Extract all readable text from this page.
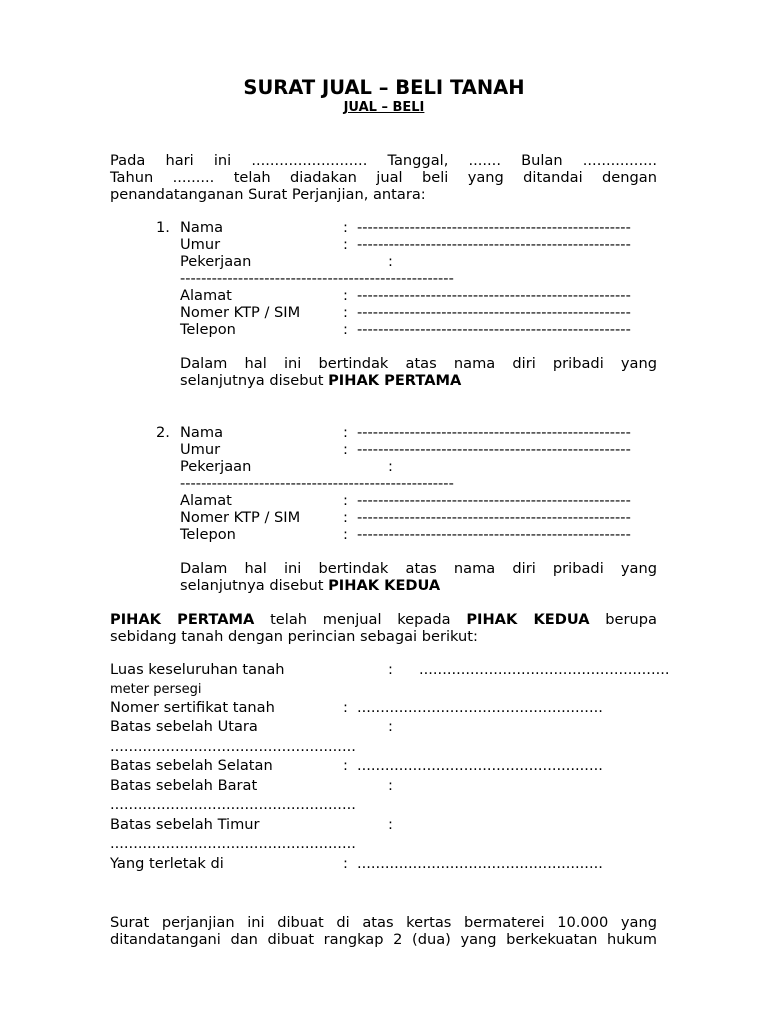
SURAT JUAL – BELI TANAH
JUAL – BELI
Pada hari ini ......................... Tanggal, ....... Bulan ................
Tahun ......... telah diadakan jual beli yang ditandai dengan
penandatanganan Surat Perjanjian, antara:
1. Nama	: ----------------------------------------------------
Umur	: ----------------------------------------------------
Pekerjaan	:
----------------------------------------------------
Alamat	: ----------------------------------------------------
Nomer KTP / SIM	: ----------------------------------------------------
Telepon	: ----------------------------------------------------
Dalam hal ini bertindak atas nama diri pribadi yang
selanjutnya disebut PIHAK PERTAMA
2. Nama	: ----------------------------------------------------
Umur	: ----------------------------------------------------
Pekerjaan	:
----------------------------------------------------
Alamat	: ----------------------------------------------------
Nomer KTP / SIM	: ----------------------------------------------------
Telepon	: ----------------------------------------------------
Dalam hal ini bertindak atas nama diri pribadi yang
selanjutnya disebut PIHAK KEDUA
PIHAK PERTAMA telah menjual kepada PIHAK KEDUA berupa
sebidang tanah dengan perincian sebagai berikut:
Luas keseluruhan tanah	: ......................................................
meter persegi
Nomer sertifikat tanah	: .....................................................
Batas sebelah Utara	:
.....................................................
Batas sebelah Selatan	: .....................................................
Batas sebelah Barat	:
.....................................................
Batas sebelah Timur	:
.....................................................
Yang terletak di	: .....................................................
Surat perjanjian ini dibuat di atas kertas bermaterei 10.000 yang
ditandatangani dan dibuat rangkap 2 (dua) yang berkekuatan hukum
